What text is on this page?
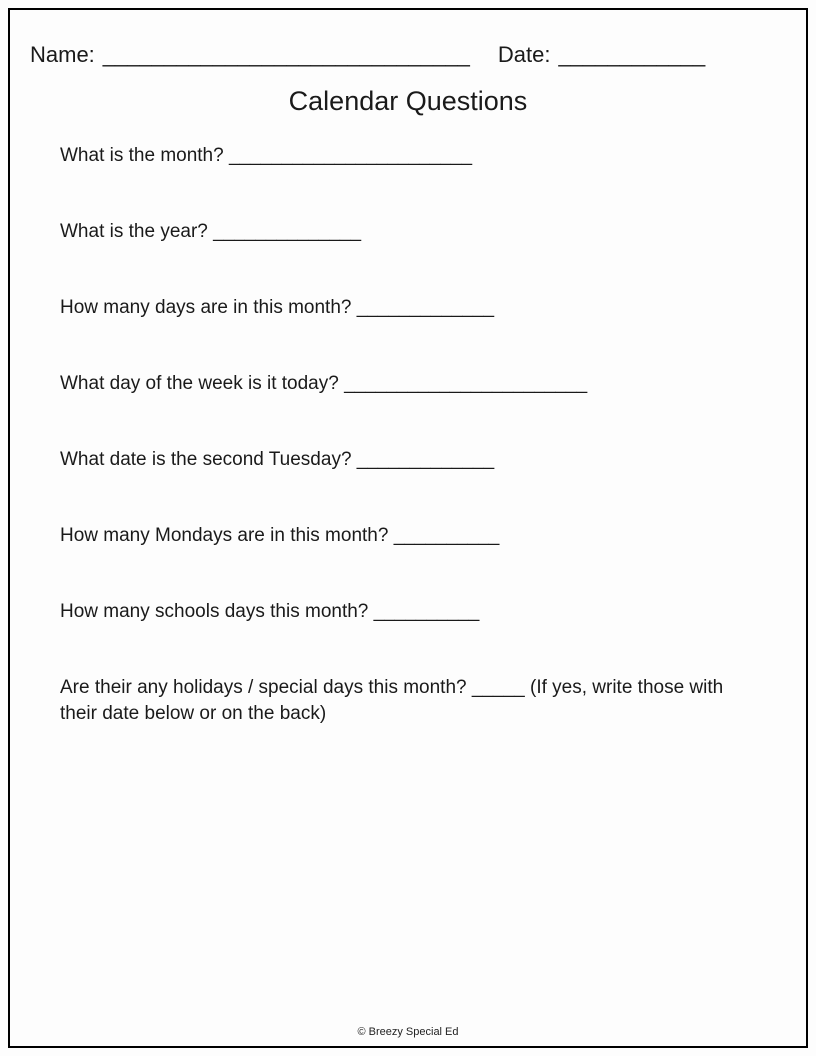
Name: ______________________________ Date: ____________
Calendar Questions
What is the month? _______________________
What is the year? ______________
How many days are in this month? _____________
What day of the week is it today? _______________________
What date is the second Tuesday? _____________
How many Mondays are in this month? __________
How many schools days this month? __________
Are their any holidays / special days this month? _____ (If yes, write those with their date below or on the back)
© Breezy Special Ed
